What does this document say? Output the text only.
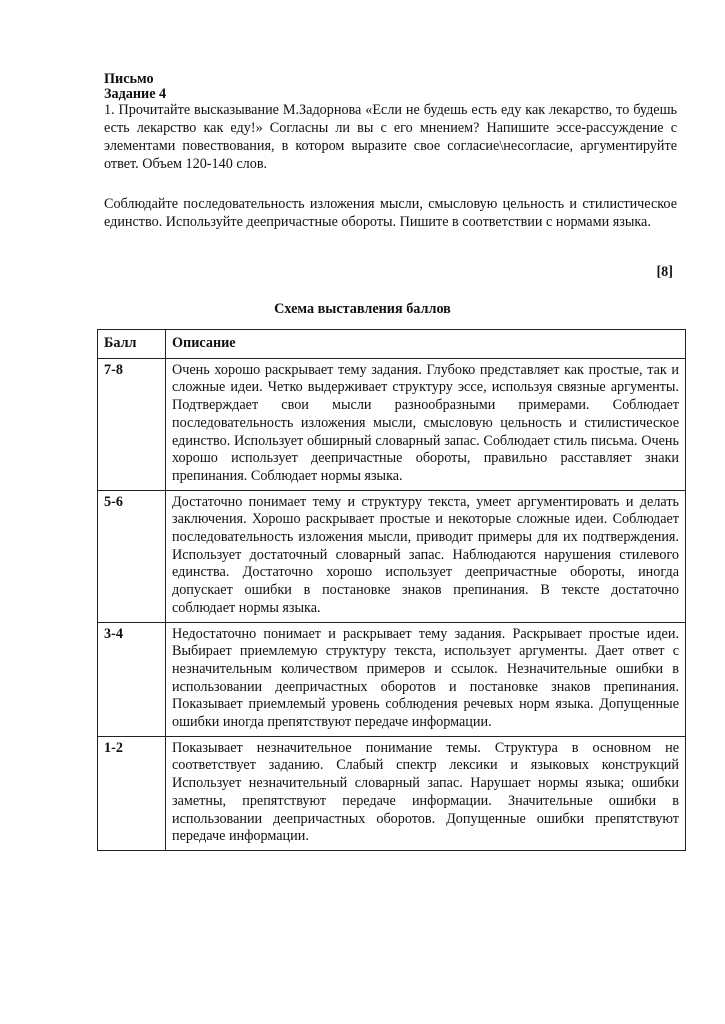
Письмо
Задание 4
1. Прочитайте высказывание М.Задорнова «Если не будешь есть еду как лекарство, то будешь есть лекарство как еду!» Согласны ли вы с его мнением? Напишите эссе-рассуждение с элементами повествования, в котором выразите свое согласие\несогласие, аргументируйте ответ. Объем 120-140 слов.
Соблюдайте последовательность изложения мысли, смысловую цельность и стилистическое единство. Используйте деепричастные обороты. Пишите в соответствии с нормами языка.
[8]
Схема выставления баллов
Балл	Описание
7-8	Очень хорошо раскрывает тему задания. Глубоко представляет как простые, так и сложные идеи. Четко выдерживает структуру эссе, используя связные аргументы. Подтверждает свои мысли разнообразными примерами. Соблюдает последовательность изложения мысли, смысловую цельность и стилистическое единство. Использует обширный словарный запас. Соблюдает стиль письма. Очень хорошо использует деепричастные обороты, правильно расставляет знаки препинания. Соблюдает нормы языка.
5-6	Достаточно понимает тему и структуру текста, умеет аргументировать и делать заключения. Хорошо раскрывает простые и некоторые сложные идеи. Соблюдает последовательность изложения мысли, приводит примеры для их подтверждения. Использует достаточный словарный запас. Наблюдаются нарушения стилевого единства. Достаточно хорошо использует деепричастные обороты, иногда допускает ошибки в постановке знаков препинания. В тексте достаточно соблюдает нормы языка.
3-4	Недостаточно понимает и раскрывает тему задания. Раскрывает простые идеи. Выбирает приемлемую структуру текста, использует аргументы. Дает ответ с незначительным количеством примеров и ссылок. Незначительные ошибки в использовании деепричастных оборотов и постановке знаков препинания. Показывает приемлемый уровень соблюдения речевых норм языка. Допущенные ошибки иногда препятствуют передаче информации.
1-2	Показывает незначительное понимание темы. Структура в основном не соответствует заданию. Слабый спектр лексики и языковых конструкций Использует незначительный словарный запас. Нарушает нормы языка; ошибки заметны, препятствуют передаче информации. Значительные ошибки в использовании деепричастных оборотов. Допущенные ошибки препятствуют передаче информации.
